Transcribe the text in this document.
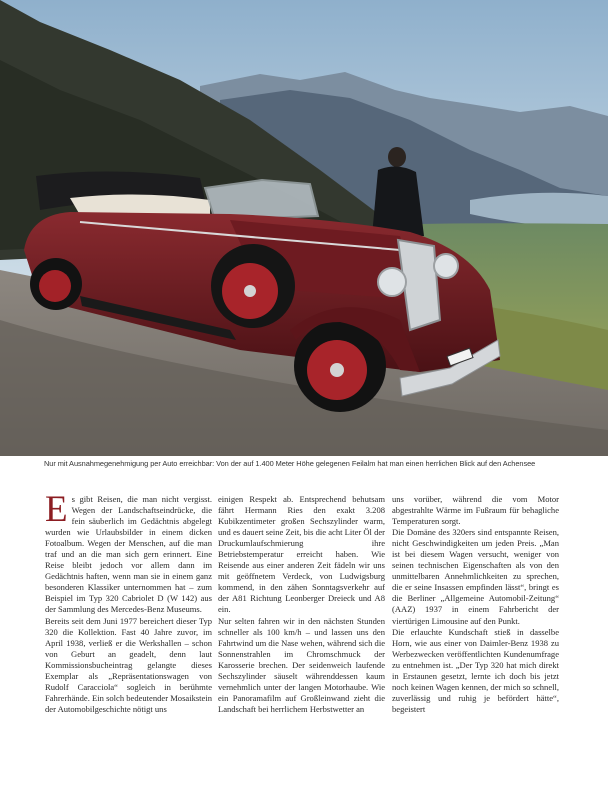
Nur mit Ausnahmegenehmigung per Auto erreichbar: Von der auf 1.400 Meter Höhe gelegenen Feilalm hat man einen herrlichen Blick auf den Achensee

Es gibt Reisen, die man nicht vergisst. Wegen der Landschaftseindrücke, die fein säuberlich im Gedächtnis abgelegt wurden wie Urlaubsbilder in einem dicken Fotoalbum. Wegen der Menschen, auf die man traf und an die man sich gern erinnert. Eine Reise bleibt jedoch vor allem dann im Gedächtnis haften, wenn man sie in einem ganz besonderen Klassiker unternommen hat – zum Beispiel im Typ 320 Cabriolet D (W 142) aus der Sammlung des Mercedes-Benz Museums.

Bereits seit dem Juni 1977 bereichert dieser Typ 320 die Kollektion. Fast 40 Jahre zuvor, im April 1938, verließ er die Werkshallen – schon von Geburt an geadelt, denn laut Kommissionsbucheintrag gelangte dieses Exemplar als „Repräsentationswagen von Rudolf Caracciola“ sogleich in berühmte Fahrerhände. Ein solch bedeutender Mosaikstein der Automobilgeschichte nötigt uns

einigen Respekt ab. Entsprechend behutsam fährt Hermann Ries den exakt 3.208 Kubikzentimeter großen Sechszylinder warm, und es dauert seine Zeit, bis die acht Liter Öl der Druckumlaufschmierung ihre Betriebstemperatur erreicht haben. Wie Reisende aus einer anderen Zeit fädeln wir uns mit geöffnetem Verdeck, von Ludwigsburg kommend, in den zähen Sonntagsverkehr auf der A81 Richtung Leonberger Dreieck und A8 ein.

Nur selten fahren wir in den nächsten Stunden schneller als 100 km/h – und lassen uns den Fahrtwind um die Nase wehen, während sich die Sonnenstrahlen im Chromschmuck der Karosserie brechen. Der seidenweich laufende Sechszylinder säuselt währenddessen kaum vernehmlich unter der langen Motorhaube. Wie ein Panoramafilm auf Großleinwand zieht die Landschaft bei herrlichem Herbstwetter an

uns vorüber, während die vom Motor abgestrahlte Wärme im Fußraum für behagliche Temperaturen sorgt.

Die Domäne des 320ers sind entspannte Reisen, nicht Geschwindigkeiten um jeden Preis. „Man ist bei diesem Wagen versucht, weniger von seinen technischen Eigenschaften als von den unmittelbaren Annehmlichkeiten zu sprechen, die er seine Insassen empfinden lässt“, bringt es die Berliner „Allgemeine Automobil-Zeitung“ (AAZ) 1937 in einem Fahrbericht der viertürigen Limousine auf den Punkt.

Die erlauchte Kundschaft stieß in dasselbe Horn, wie aus einer von Daimler-Benz 1938 zu Werbezwecken veröffentlichten Kundenumfrage zu entnehmen ist. „Der Typ 320 hat mich direkt in Erstaunen gesetzt, lernte ich doch bis jetzt noch keinen Wagen kennen, der mich so schnell, zuverlässig und ruhig je befördert hätte“, begeistert
